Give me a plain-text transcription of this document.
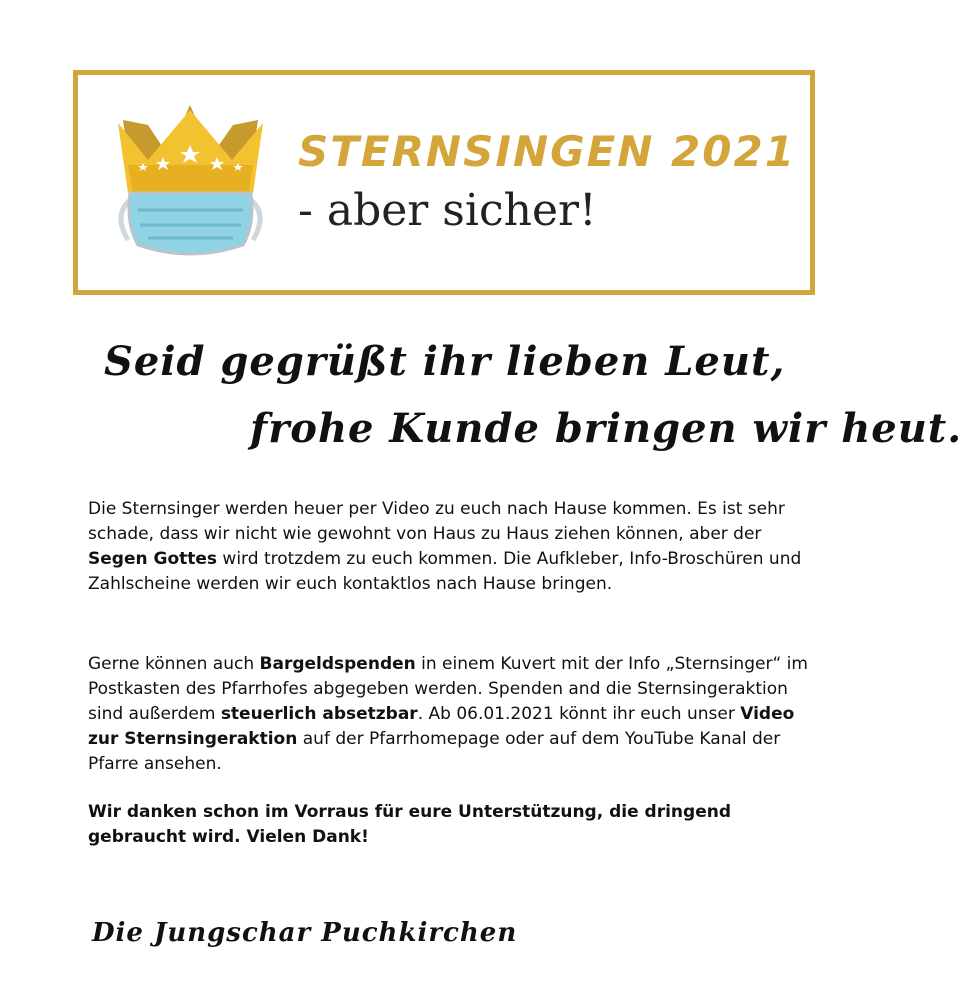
STERNSINGEN 2021
- aber sicher!
Seid gegrüßt ihr lieben Leut,
frohe Kunde bringen wir heut.
Die Sternsinger werden heuer per Video zu euch nach Hause kommen. Es ist sehr schade, dass wir nicht wie gewohnt von Haus zu Haus ziehen können, aber der Segen Gottes wird trotzdem zu euch kommen. Die Aufkleber, Info-Broschüren und Zahlscheine werden wir euch kontaktlos nach Hause bringen.
Gerne können auch Bargeldspenden in einem Kuvert mit der Info „Sternsinger“ im Postkasten des Pfarrhofes abgegeben werden. Spenden and die Sternsingeraktion sind außerdem steuerlich absetzbar. Ab 06.01.2021 könnt ihr euch unser Video zur Sternsingeraktion auf der Pfarrhomepage oder auf dem YouTube Kanal der Pfarre ansehen.
Wir danken schon im Vorraus für eure Unterstützung, die dringend gebraucht wird. Vielen Dank!
Die Jungschar Puchkirchen
